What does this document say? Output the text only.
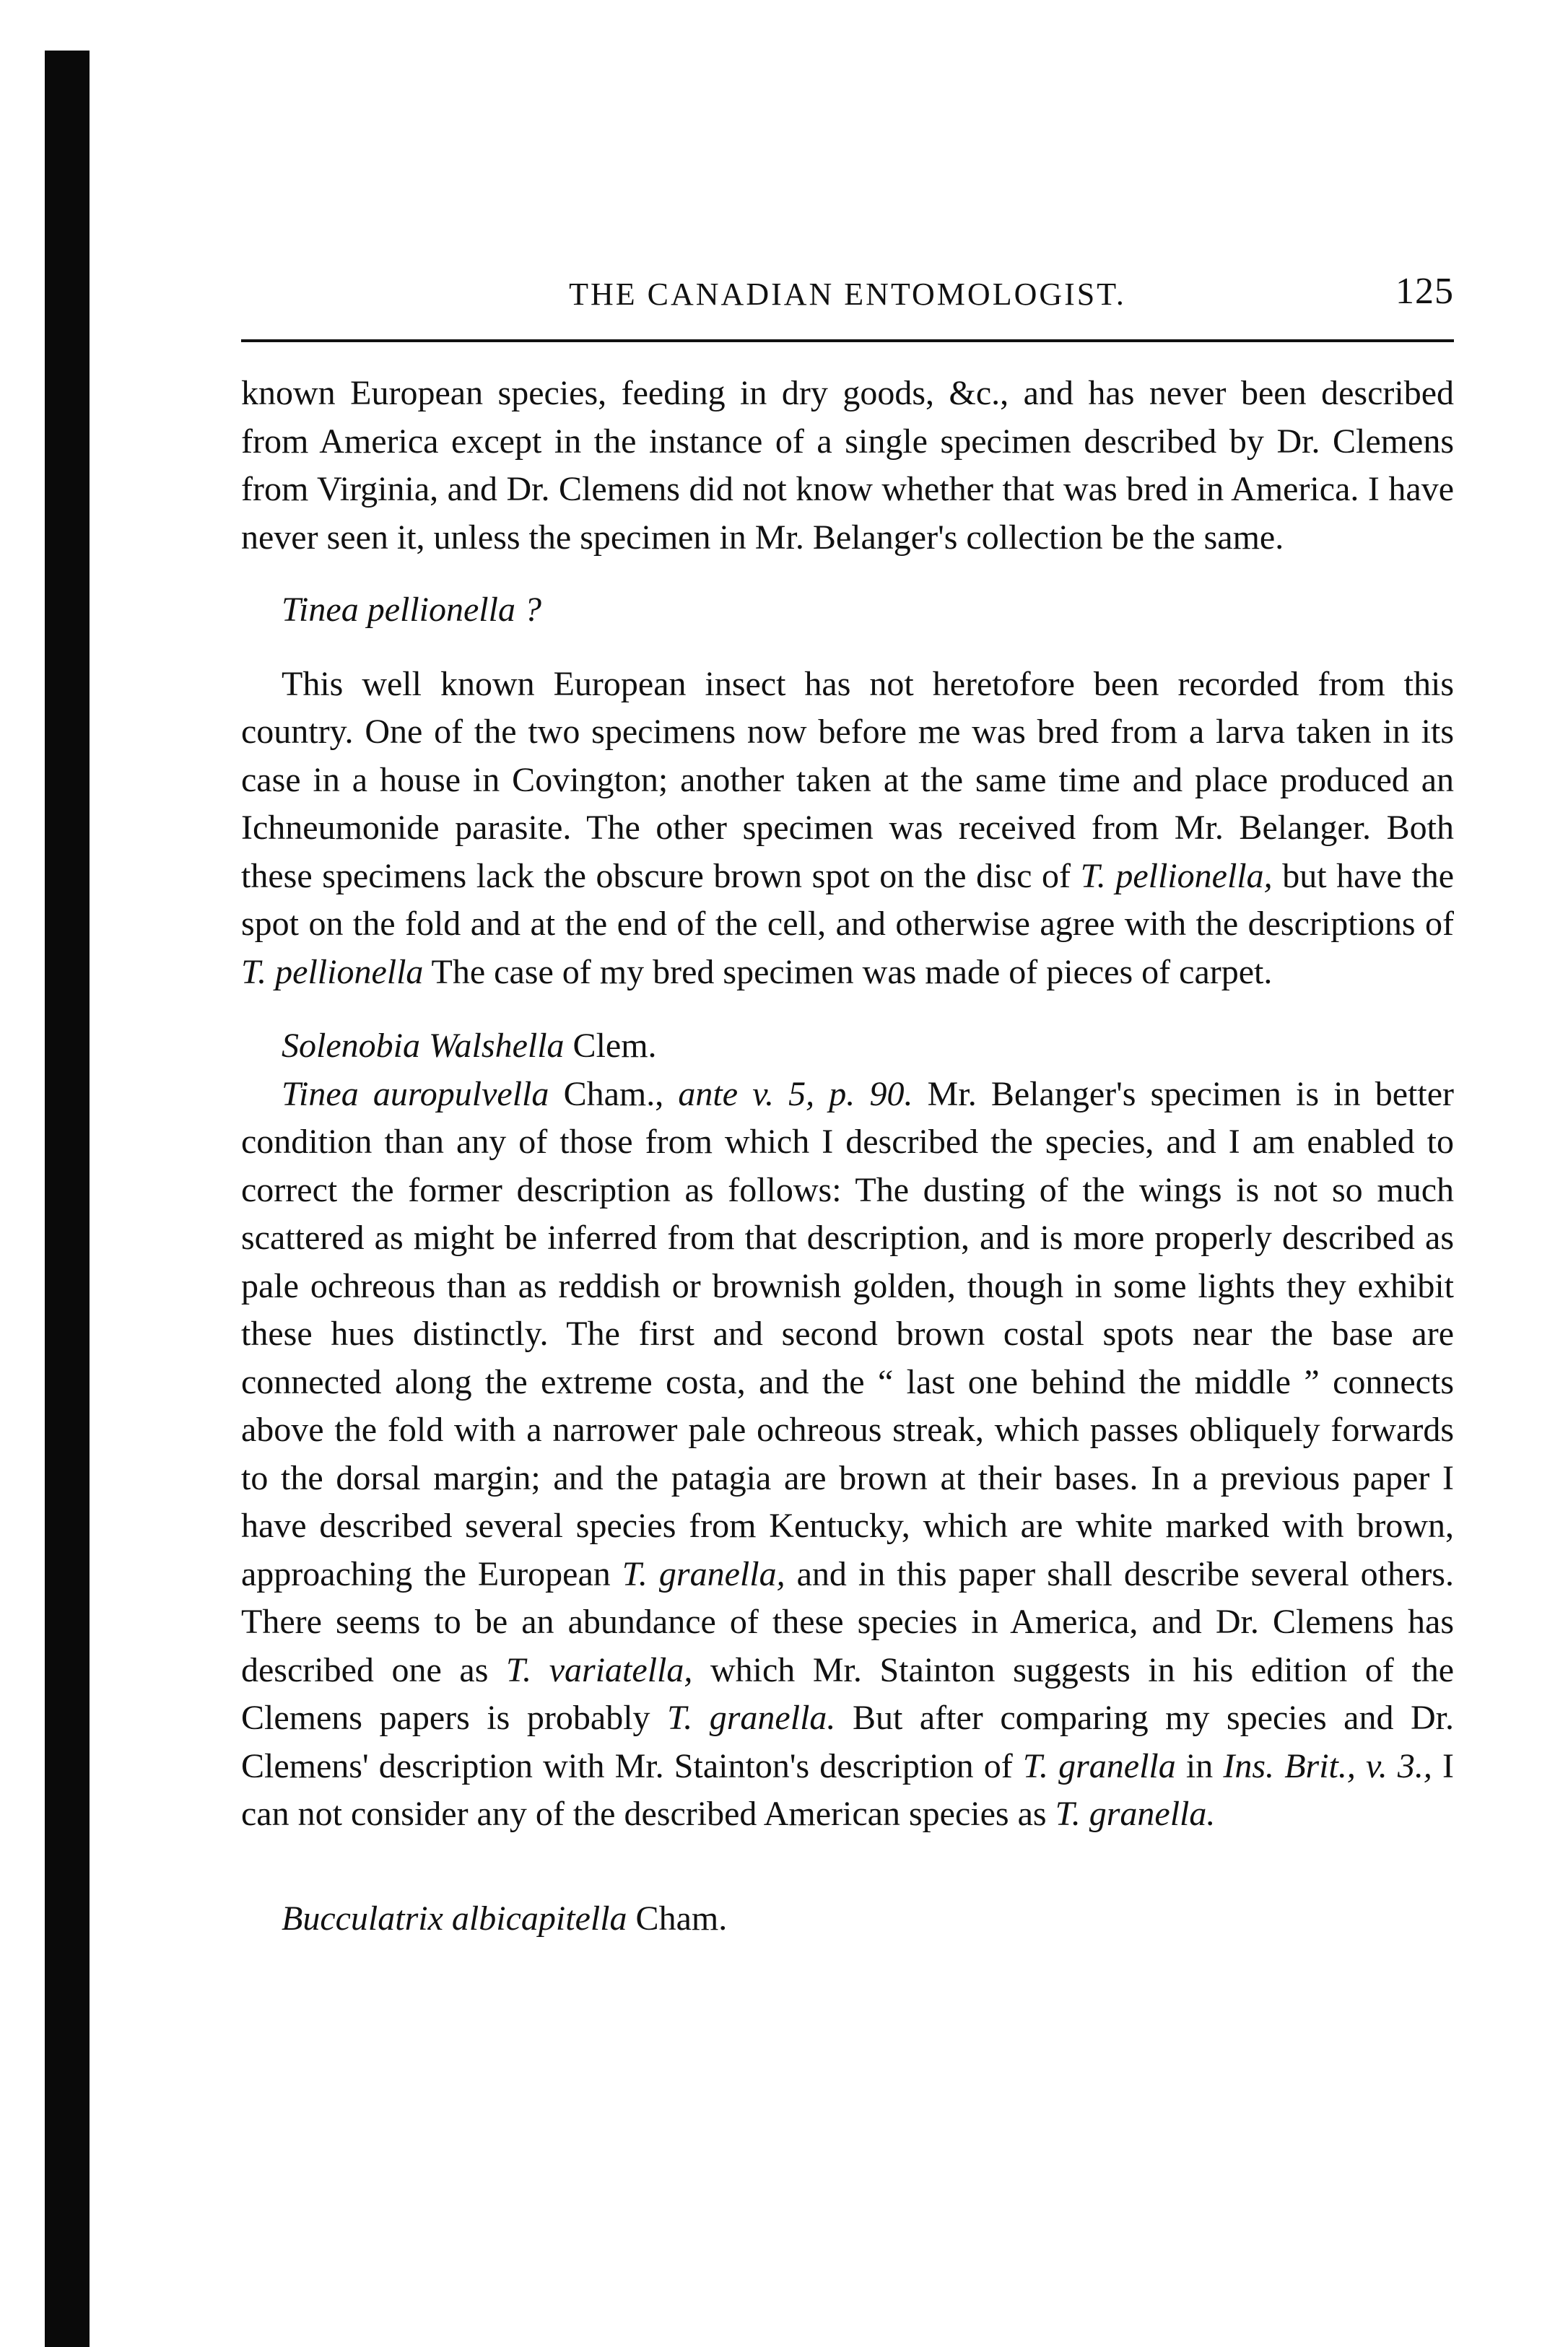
THE CANADIAN ENTOMOLOGIST.	125

known European species, feeding in dry goods, &c., and has never been described from America except in the instance of a single specimen described by Dr. Clemens from Virginia, and Dr. Clemens did not know whether that was bred in America. I have never seen it, unless the specimen in Mr. Belanger's collection be the same.

Tinea pellionella ?

This well known European insect has not heretofore been recorded from this country. One of the two specimens now before me was bred from a larva taken in its case in a house in Covington; another taken at the same time and place produced an Ichneumonide parasite. The other specimen was received from Mr. Belanger. Both these specimens lack the obscure brown spot on the disc of T. pellionella, but have the spot on the fold and at the end of the cell, and otherwise agree with the descriptions of T. pellionella The case of my bred specimen was made of pieces of carpet.

Solenobia Walshella Clem.

Tinea auropulvella Cham., ante v. 5, p. 90. Mr. Belanger's specimen is in better condition than any of those from which I described the species, and I am enabled to correct the former description as follows: The dusting of the wings is not so much scattered as might be inferred from that description, and is more properly described as pale ochreous than as reddish or brownish golden, though in some lights they exhibit these hues distinctly. The first and second brown costal spots near the base are connected along the extreme costa, and the “ last one behind the middle ” connects above the fold with a narrower pale ochreous streak, which passes obliquely forwards to the dorsal margin; and the patagia are brown at their bases. In a previous paper I have described several species from Kentucky, which are white marked with brown, approaching the European T. granella, and in this paper shall describe several others. There seems to be an abundance of these species in America, and Dr. Clemens has described one as T. variatella, which Mr. Stainton suggests in his edition of the Clemens papers is probably T. granella. But after comparing my species and Dr. Clemens' description with Mr. Stainton's description of T. granella in Ins. Brit., v. 3., I can not consider any of the described American species as T. granella.

Bucculatrix albicapitella Cham.
